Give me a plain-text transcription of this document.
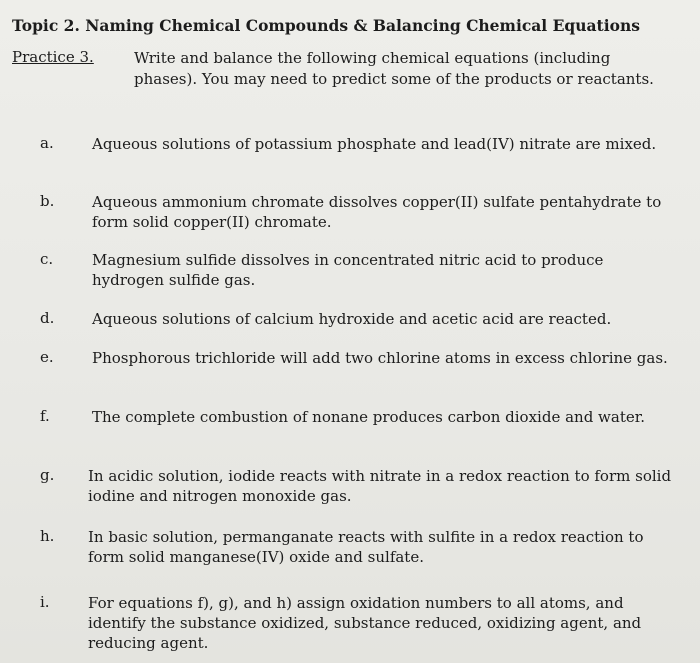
Topic 2. Naming Chemical Compounds & Balancing Chemical Equations
Practice 3.	Write and balance the following chemical equations (including phases). You may need to predict some of the products or reactants.
a.	Aqueous solutions of potassium phosphate and lead(IV) nitrate are mixed.
b.	Aqueous ammonium chromate dissolves copper(II) sulfate pentahydrate to form solid copper(II) chromate.
c.	Magnesium sulfide dissolves in concentrated nitric acid to produce hydrogen sulfide gas.
d.	Aqueous solutions of calcium hydroxide and acetic acid are reacted.
e.	Phosphorous trichloride will add two chlorine atoms in excess chlorine gas.
f.	The complete combustion of nonane produces carbon dioxide and water.
g. In acidic solution, iodide reacts with nitrate in a redox reaction to form solid iodine and nitrogen monoxide gas.
h. In basic solution, permanganate reacts with sulfite in a redox reaction to form solid manganese(IV) oxide and sulfate.
i.	For equations f), g), and h) assign oxidation numbers to all atoms, and identify the substance oxidized, substance reduced, oxidizing agent, and reducing agent.
